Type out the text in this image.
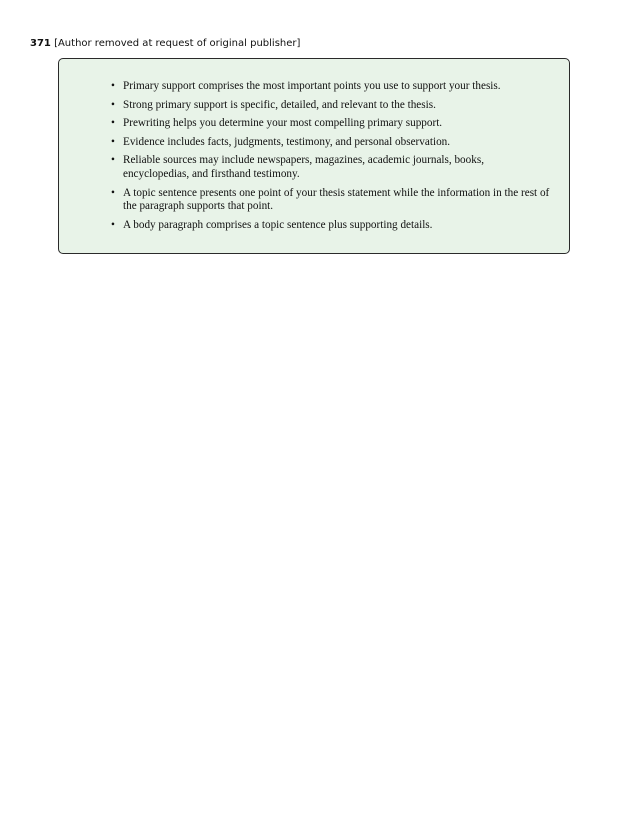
371 [Author removed at request of original publisher]
• Primary support comprises the most important points you use to support your thesis.
• Strong primary support is specific, detailed, and relevant to the thesis.
• Prewriting helps you determine your most compelling primary support.
• Evidence includes facts, judgments, testimony, and personal observation.
• Reliable sources may include newspapers, magazines, academic journals, books, encyclopedias, and firsthand testimony.
• A topic sentence presents one point of your thesis statement while the information in the rest of the paragraph supports that point.
• A body paragraph comprises a topic sentence plus supporting details.
